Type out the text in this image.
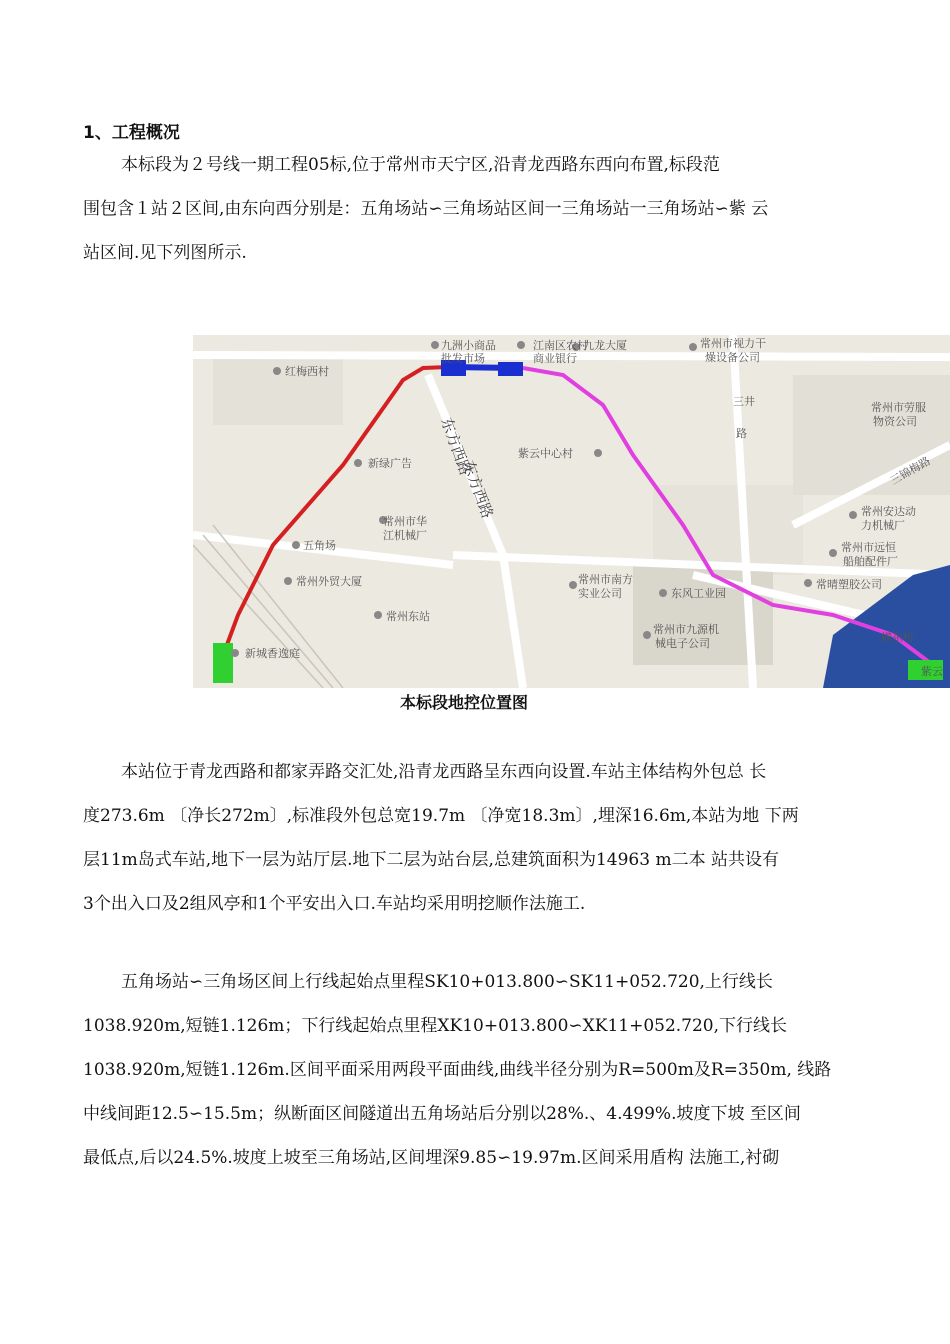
1、工程概况
本标段为２号线一期工程05标,位于常州市天宁区,沿青龙西路东西向布置,标段范
围包含１站２区间,由东向西分别是：五角场站∽三角场站区间一三角场站一三角场站∽紫 云
站区间.见下列图所示.
九洲小商品
批发市场
江南区农村
商业银行
九龙大厦	常州市视力干
燥设备公司
红梅西村
东方西路
东方西路
紫云中心村
三井
路
常州市劳服
物资公司
新绿广告
常州市华
江机械厂
三锦梅路
常州安达动
力机械厂
五角场	常州市远恒
船舶配件厂
常州外贸大厦	常州市南方
实业公司	东风工业园
常晴塑胶公司
常州东站
常州市九源机
械电子公司
新城香逸庭
横东桥
紫云
本标段地控位置图
本站位于青龙西路和都家弄路交汇处,沿青龙西路呈东西向设置.车站主体结构外包总 长
度273.6m 〔净长272m〕,标准段外包总宽19.7m 〔净宽18.3m〕,埋深16.6m,本站为地 下两
层11m岛式车站,地下一层为站厅层.地下二层为站台层,总建筑面积为14963 m二本 站共设有
3个出入口及2组风亭和1个平安出入口.车站均采用明挖顺作法施工.
五角场站∽三角场区间上行线起始点里程SK10+013.800∽SK11+052.720,上行线长
1038.920m,短链1.126m；下行线起始点里程XK10+013.800∽XK11+052.720,下行线长
1038.920m,短链1.126m.区间平面采用两段平面曲线,曲线半径分别为R=500m及R=350m, 线路
中线间距12.5∽15.5m；纵断面区间隧道出五角场站后分别以28%.、4.499%.坡度下坡 至区间
最低点,后以24.5%.坡度上坡至三角场站,区间埋深9.85∽19.97m.区间采用盾构 法施工,衬砌
